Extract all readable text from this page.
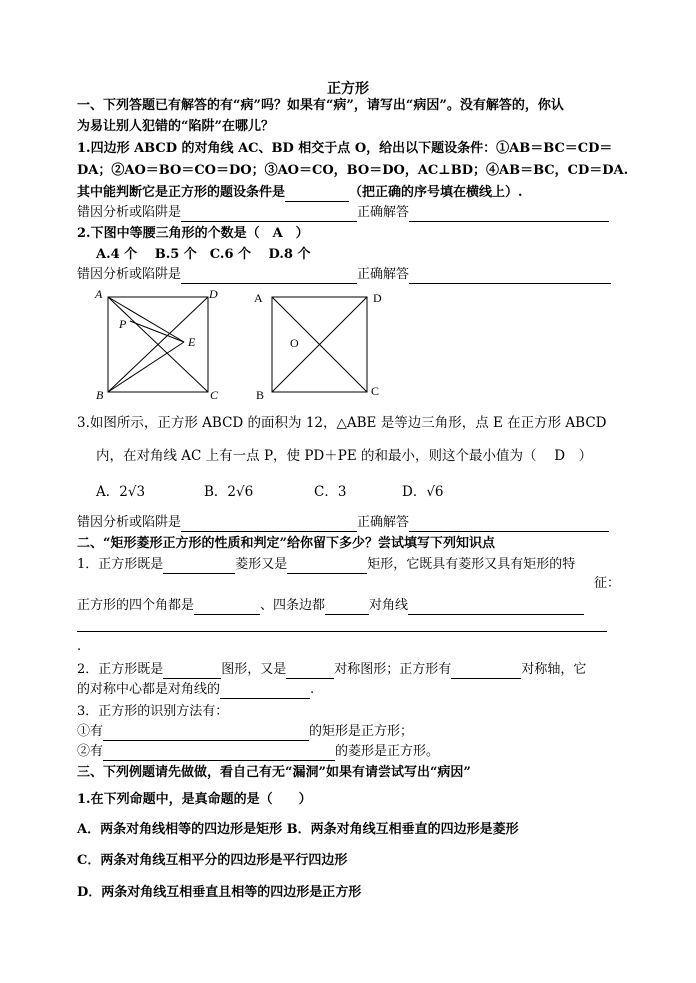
正方形
一、下列答题已有解答的有“病”吗？如果有“病”，请写出“病因”。没有解答的，你认
为易让别人犯错的“陷阱”在哪儿？
1.四边形 ABCD 的对角线 AC、BD 相交于点 O，给出以下题设条件：①AB＝BC＝CD＝
DA；②AO＝BO＝CO＝DO；③AO＝CO，BO＝DO，AC⊥BD；④AB＝BC，CD＝DA.
其中能判断它是正方形的题设条件是	（把正确的序号填在横线上）.
错因分析或陷阱是	正确解答
2.下图中等腰三角形的个数是（　A　）
A.4 个　 B.5 个　C.6 个　 D.8 个
错因分析或陷阱是	正确解答
A	D
P
E
B	C
A	D
O
B	C
3.如图所示，正方形 ABCD 的面积为 12，△ABE 是等边三角形，点 E 在正方形 ABCD
内，在对角线 AC 上有一点 P，使 PD＋PE 的和最小，则这个最小值为（　 D　）
A．2√3	B．2√6	C．3	D．√6
错因分析或陷阱是	正确解答
二、“矩形菱形正方形的性质和判定”给你留下多少？尝试填写下列知识点
1．正方形既是	菱形又是	矩形，它既具有菱形又具有矩形的特
征：
正方形的四个角都是	、四条边都	对角线
.
2．正方形既是	图形，又是	对称图形；正方形有	对称轴，它
的对称中心都是对角线的	.
3．正方形的识别方法有：
①有	的矩形是正方形；
②有	的菱形是正方形。
三、下列例题请先做做，看自己有无“漏洞”如果有请尝试写出“病因”
1.在下列命题中，是真命题的是（　　）
A．两条对角线相等的四边形是矩形 B．两条对角线互相垂直的四边形是菱形
C．两条对角线互相平分的四边形是平行四边形
D．两条对角线互相垂直且相等的四边形是正方形
